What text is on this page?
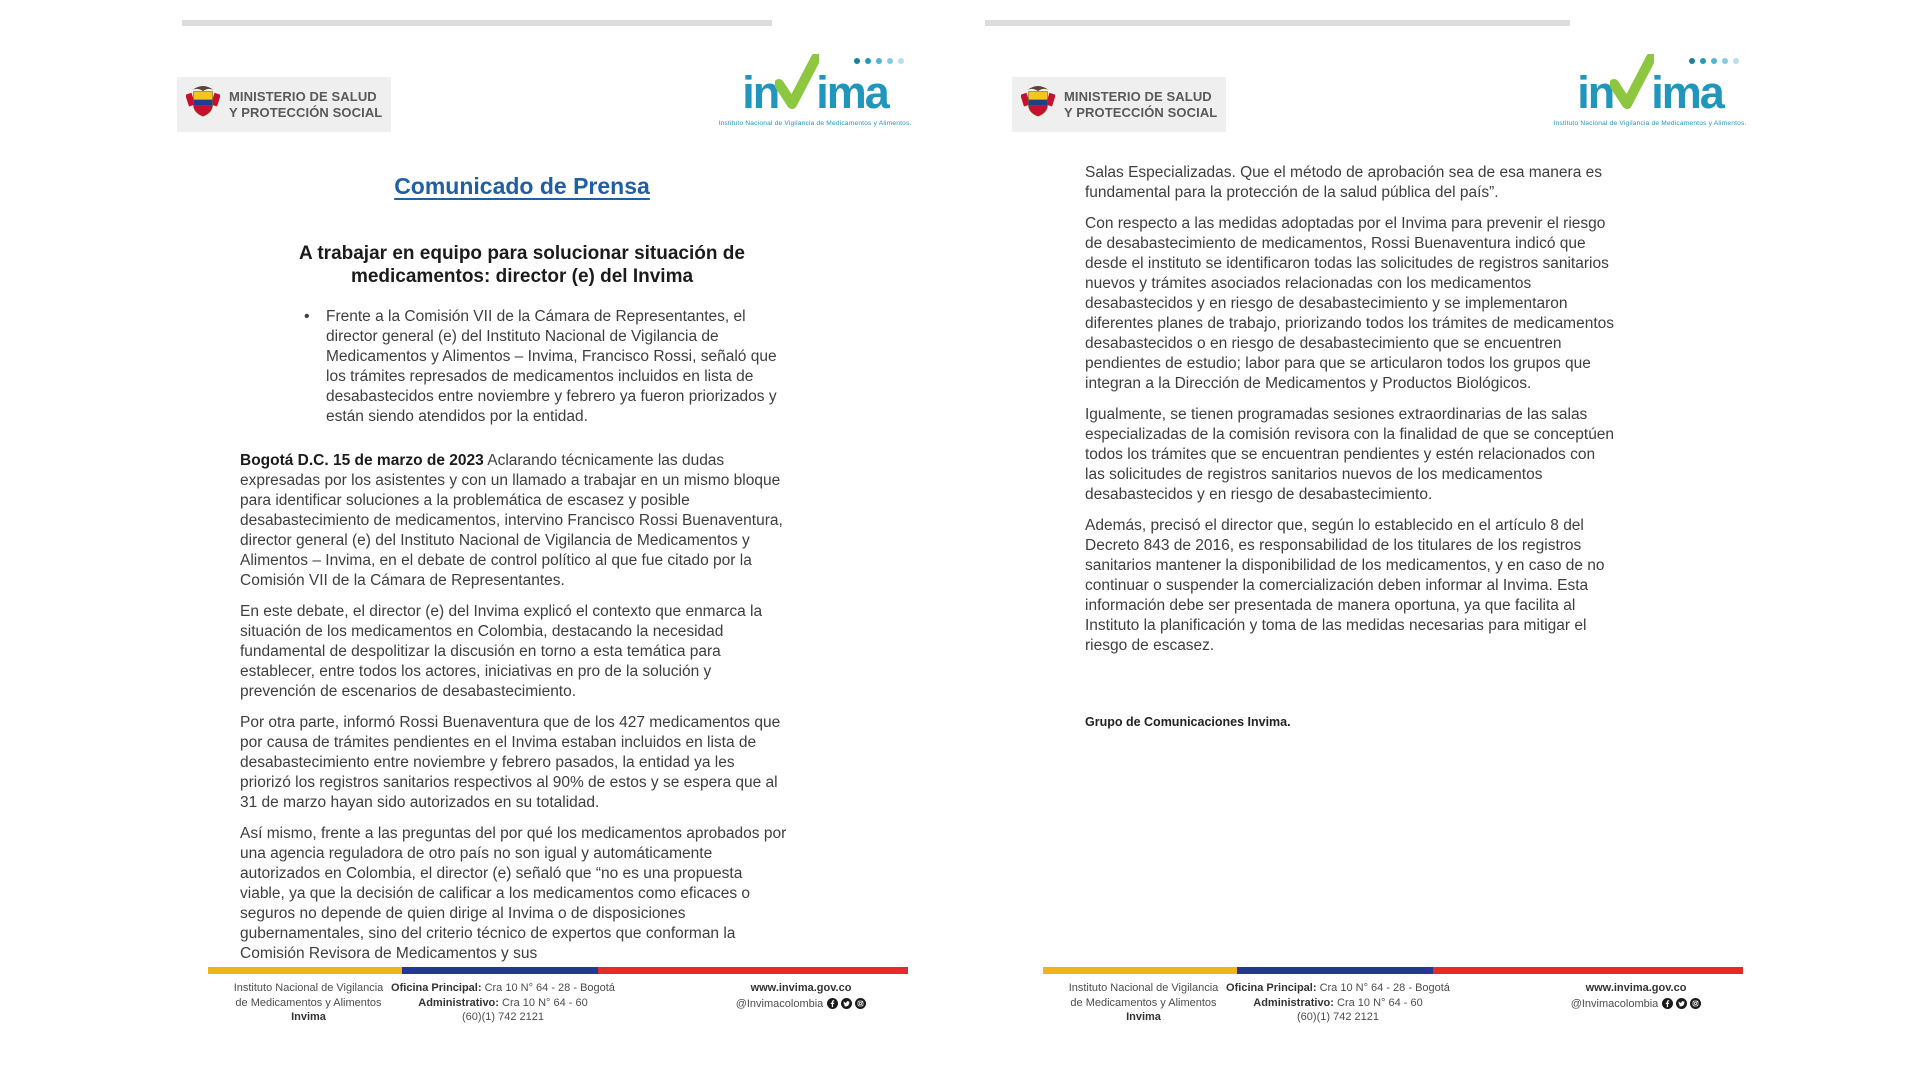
MINISTERIO DE SALUD
Y PROTECCIÓN SOCIAL	in ima
Instituto Nacional de Vigilancia de Medicamentos y Alimentos.
Comunicado de Prensa
A trabajar en equipo para solucionar situación de medicamentos: director (e) del Invima
•	Frente a la Comisión VII de la Cámara de Representantes, el director general (e) del Instituto Nacional de Vigilancia de Medicamentos y Alimentos – Invima, Francisco Rossi, señaló que los trámites represados de medicamentos incluidos en lista de desabastecidos entre noviembre y febrero ya fueron priorizados y están siendo atendidos por la entidad.

Bogotá D.C. 15 de marzo de 2023 Aclarando técnicamente las dudas expresadas por los asistentes y con un llamado a trabajar en un mismo bloque para identificar soluciones a la problemática de escasez y posible desabastecimiento de medicamentos, intervino Francisco Rossi Buenaventura, director general (e) del Instituto Nacional de Vigilancia de Medicamentos y Alimentos – Invima, en el debate de control político al que fue citado por la Comisión VII de la Cámara de Representantes.

En este debate, el director (e) del Invima explicó el contexto que enmarca la situación de los medicamentos en Colombia, destacando la necesidad fundamental de despolitizar la discusión en torno a esta temática para establecer, entre todos los actores, iniciativas en pro de la solución y prevención de escenarios de desabastecimiento.

Por otra parte, informó Rossi Buenaventura que de los 427 medicamentos que por causa de trámites pendientes en el Invima estaban incluidos en lista de desabastecimiento entre noviembre y febrero pasados, la entidad ya les priorizó los registros sanitarios respectivos al 90% de estos y se espera que al 31 de marzo hayan sido autorizados en su totalidad.

Así mismo, frente a las preguntas del por qué los medicamentos aprobados por una agencia reguladora de otro país no son igual y automáticamente autorizados en Colombia, el director (e) señaló que “no es una propuesta viable, ya que la decisión de calificar a los medicamentos como eficaces o seguros no depende de quien dirige al Invima o de disposiciones gubernamentales, sino del criterio técnico de expertos que conforman la Comisión Revisora de Medicamentos y sus

Instituto Nacional de Vigilancia
de Medicamentos y Alimentos
Invima
Oficina Principal: Cra 10 N° 64 - 28 - Bogotá
Administrativo: Cra 10 N° 64 - 60
(60)(1) 742 2121
www.invima.gov.co
@Invimacolombia
MINISTERIO DE SALUD
Y PROTECCIÓN SOCIAL	in ima
Instituto Nacional de Vigilancia de Medicamentos y Alimentos.

Salas Especializadas. Que el método de aprobación sea de esa manera es fundamental para la protección de la salud pública del país”.

Con respecto a las medidas adoptadas por el Invima para prevenir el riesgo de desabastecimiento de medicamentos, Rossi Buenaventura indicó que desde el instituto se identificaron todas las solicitudes de registros sanitarios nuevos y trámites asociados relacionadas con los medicamentos desabastecidos y en riesgo de desabastecimiento y se implementaron diferentes planes de trabajo, priorizando todos los trámites de medicamentos desabastecidos o en riesgo de desabastecimiento que se encuentren pendientes de estudio; labor para que se articularon todos los grupos que integran a la Dirección de Medicamentos y Productos Biológicos.

Igualmente, se tienen programadas sesiones extraordinarias de las salas especializadas de la comisión revisora con la finalidad de que se conceptúen todos los trámites que se encuentran pendientes y estén relacionados con las solicitudes de registros sanitarios nuevos de los medicamentos desabastecidos y en riesgo de desabastecimiento.

Además, precisó el director que, según lo establecido en el artículo 8 del Decreto 843 de 2016, es responsabilidad de los titulares de los registros sanitarios mantener la disponibilidad de los medicamentos, y en caso de no continuar o suspender la comercialización deben informar al Invima. Esta información debe ser presentada de manera oportuna, ya que facilita al Instituto la planificación y toma de las medidas necesarias para mitigar el riesgo de escasez.

Grupo de Comunicaciones Invima.
Instituto Nacional de Vigilancia
de Medicamentos y Alimentos
Invima
Oficina Principal: Cra 10 N° 64 - 28 - Bogotá
Administrativo: Cra 10 N° 64 - 60
(60)(1) 742 2121
www.invima.gov.co
@Invimacolombia
